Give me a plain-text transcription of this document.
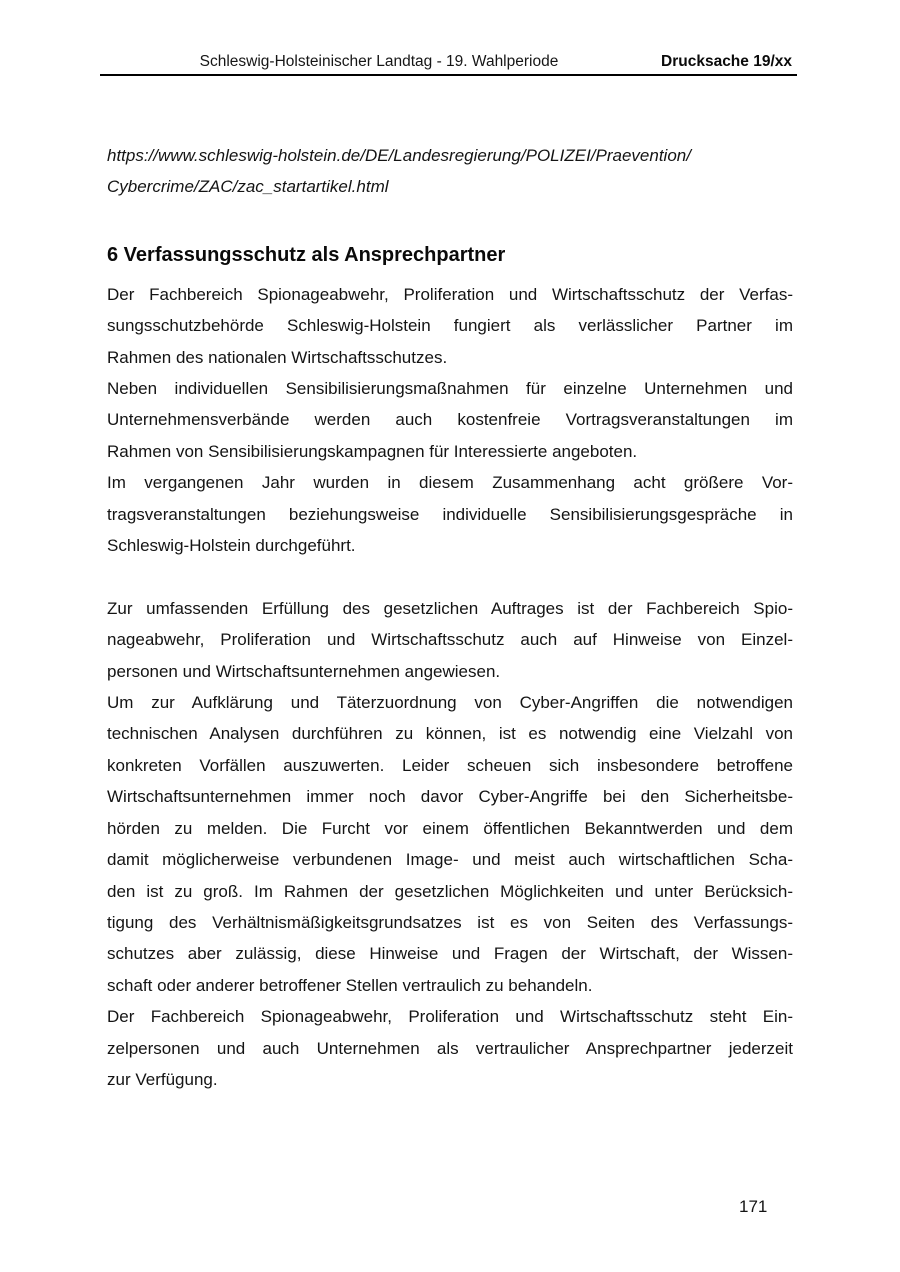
Schleswig-Holsteinischer Landtag - 19. Wahlperiode	Drucksache 19/xx
https://www.schleswig-holstein.de/DE/Landesregierung/POLIZEI/Praevention/
Cybercrime/ZAC/zac_startartikel.html
6 Verfassungsschutz als Ansprechpartner
Der Fachbereich Spionageabwehr, Proliferation und Wirtschaftsschutz der Verfas-
sungsschutzbehörde Schleswig-Holstein fungiert als verlässlicher Partner im
Rahmen des nationalen Wirtschaftsschutzes.
Neben individuellen Sensibilisierungsmaßnahmen für einzelne Unternehmen und
Unternehmensverbände werden auch kostenfreie Vortragsveranstaltungen im
Rahmen von Sensibilisierungskampagnen für Interessierte angeboten.
Im vergangenen Jahr wurden in diesem Zusammenhang acht größere Vor-
tragsveranstaltungen beziehungsweise individuelle Sensibilisierungsgespräche in
Schleswig-Holstein durchgeführt.
Zur umfassenden Erfüllung des gesetzlichen Auftrages ist der Fachbereich Spio-
nageabwehr, Proliferation und Wirtschaftsschutz auch auf Hinweise von Einzel-
personen und Wirtschaftsunternehmen angewiesen.
Um zur Aufklärung und Täterzuordnung von Cyber-Angriffen die notwendigen
technischen Analysen durchführen zu können, ist es notwendig eine Vielzahl von
konkreten Vorfällen auszuwerten. Leider scheuen sich insbesondere betroffene
Wirtschaftsunternehmen immer noch davor Cyber-Angriffe bei den Sicherheitsbe-
hörden zu melden. Die Furcht vor einem öffentlichen Bekanntwerden und dem
damit möglicherweise verbundenen Image- und meist auch wirtschaftlichen Scha-
den ist zu groß. Im Rahmen der gesetzlichen Möglichkeiten und unter Berücksich-
tigung des Verhältnismäßigkeitsgrundsatzes ist es von Seiten des Verfassungs-
schutzes aber zulässig, diese Hinweise und Fragen der Wirtschaft, der Wissen-
schaft oder anderer betroffener Stellen vertraulich zu behandeln.
Der Fachbereich Spionageabwehr, Proliferation und Wirtschaftsschutz steht Ein-
zelpersonen und auch Unternehmen als vertraulicher Ansprechpartner jederzeit
zur Verfügung.
171
